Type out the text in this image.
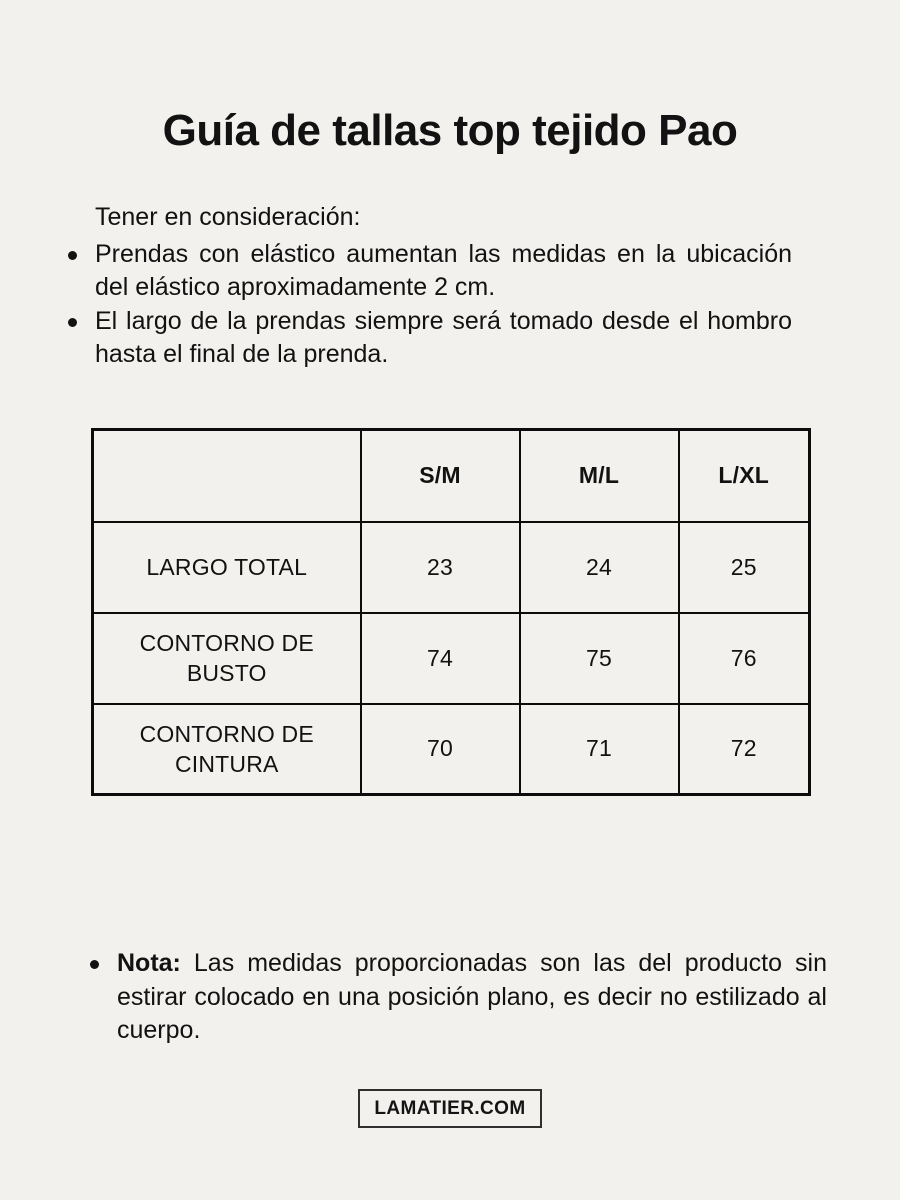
Guía de tallas top tejido Pao

Tener en consideración:

Prendas con elástico aumentan las medidas en la ubicación del elástico aproximadamente 2 cm.

El largo de la prendas siempre será tomado desde el hombro hasta el final de la prenda.

	S/M	M/L	L/XL

LARGO TOTAL	23	24	25

CONTORNO DE BUSTO	74	75	76

CONTORNO DE CINTURA	70	71	72

Nota: Las medidas proporcionadas son las del producto sin estirar colocado en una posición plano, es decir no estilizado al cuerpo.

LAMATIER.COM
